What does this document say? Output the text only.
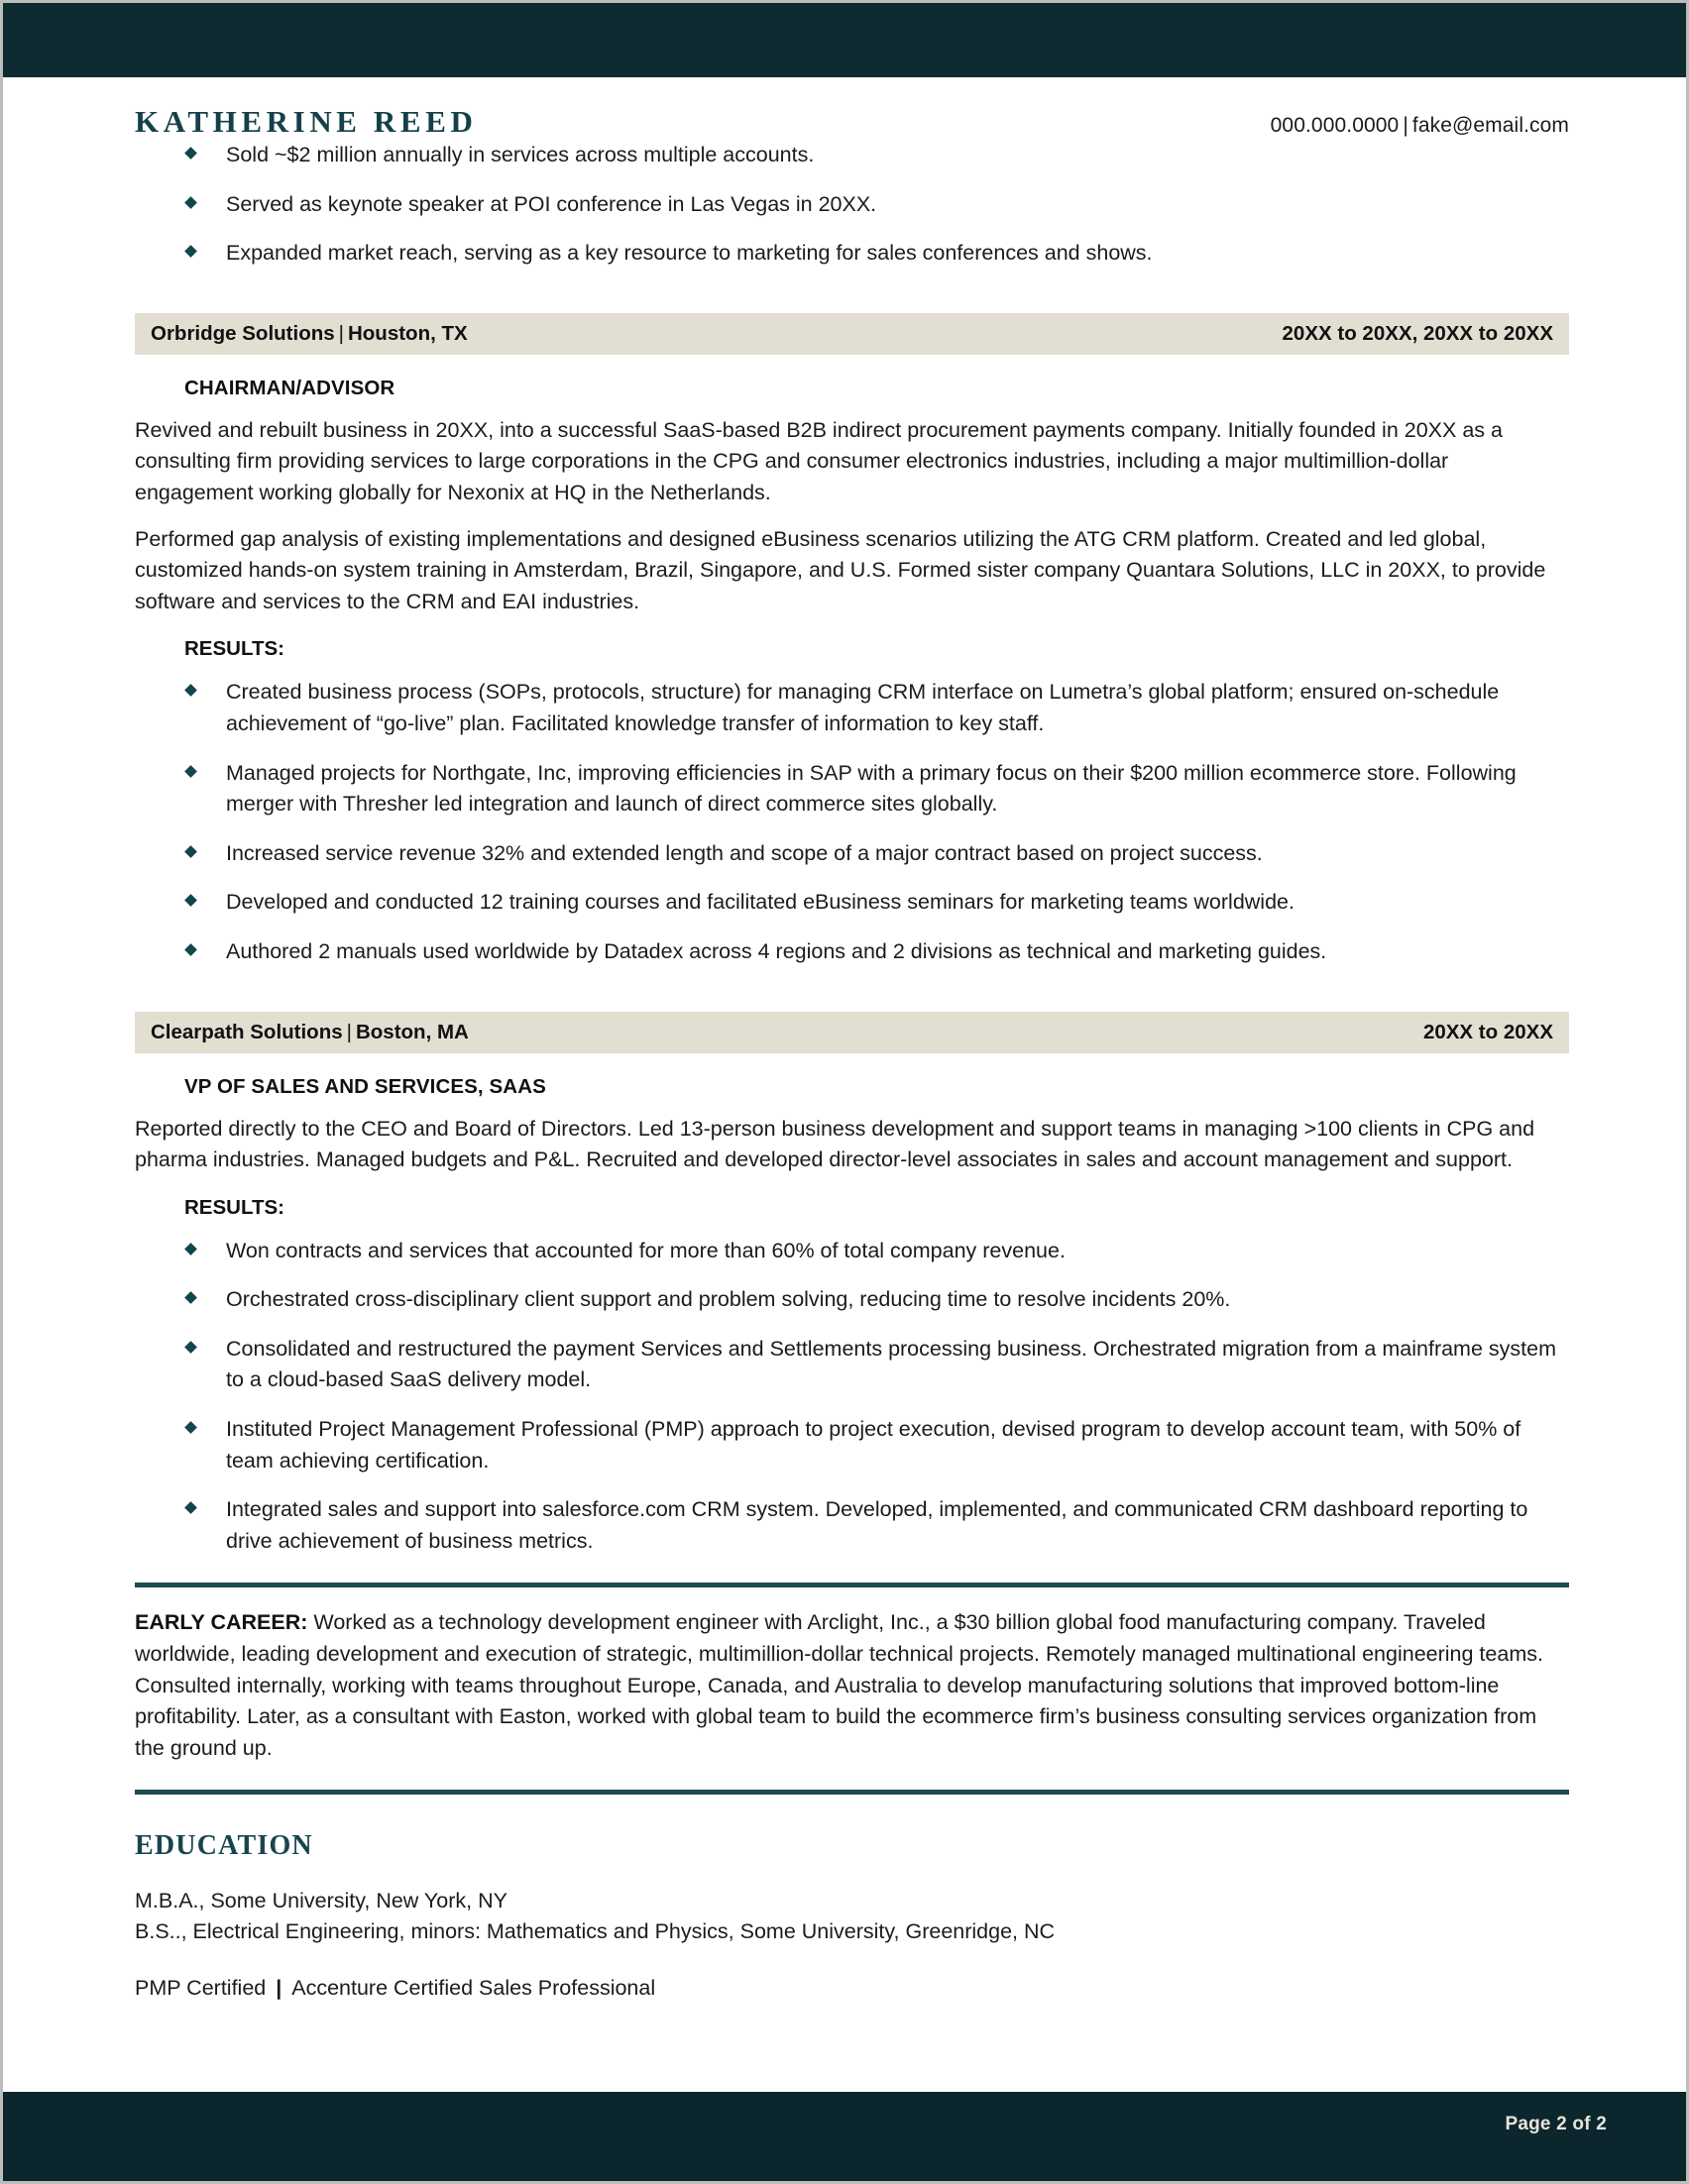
KATHERINE REED	000.000.0000 | fake@email.com
Sold ~$2 million annually in services across multiple accounts.
Served as keynote speaker at POI conference in Las Vegas in 20XX.
Expanded market reach, serving as a key resource to marketing for sales conferences and shows.
Orbridge Solutions | Houston, TX	20XX to 20XX, 20XX to 20XX
CHAIRMAN/ADVISOR
Revived and rebuilt business in 20XX, into a successful SaaS-based B2B indirect procurement payments company. Initially founded in 20XX as a consulting firm providing services to large corporations in the CPG and consumer electronics industries, including a major multimillion-dollar engagement working globally for Nexonix at HQ in the Netherlands.
Performed gap analysis of existing implementations and designed eBusiness scenarios utilizing the ATG CRM platform. Created and led global, customized hands-on system training in Amsterdam, Brazil, Singapore, and U.S. Formed sister company Quantara Solutions, LLC in 20XX, to provide software and services to the CRM and EAI industries.
RESULTS:
Created business process (SOPs, protocols, structure) for managing CRM interface on Lumetra’s global platform; ensured on-schedule achievement of “go-live” plan. Facilitated knowledge transfer of information to key staff.
Managed projects for Northgate, Inc, improving efficiencies in SAP with a primary focus on their $200 million ecommerce store. Following merger with Thresher led integration and launch of direct commerce sites globally.
Increased service revenue 32% and extended length and scope of a major contract based on project success.
Developed and conducted 12 training courses and facilitated eBusiness seminars for marketing teams worldwide.
Authored 2 manuals used worldwide by Datadex across 4 regions and 2 divisions as technical and marketing guides.
Clearpath Solutions | Boston, MA	20XX to 20XX
VP OF SALES AND SERVICES, SAAS
Reported directly to the CEO and Board of Directors. Led 13-person business development and support teams in managing >100 clients in CPG and pharma industries. Managed budgets and P&L. Recruited and developed director-level associates in sales and account management and support.
RESULTS:
Won contracts and services that accounted for more than 60% of total company revenue.
Orchestrated cross-disciplinary client support and problem solving, reducing time to resolve incidents 20%.
Consolidated and restructured the payment Services and Settlements processing business. Orchestrated migration from a mainframe system to a cloud-based SaaS delivery model.
Instituted Project Management Professional (PMP) approach to project execution, devised program to develop account team, with 50% of team achieving certification.
Integrated sales and support into salesforce.com CRM system. Developed, implemented, and communicated CRM dashboard reporting to drive achievement of business metrics.
EARLY CAREER: Worked as a technology development engineer with Arclight, Inc., a $30 billion global food manufacturing company. Traveled worldwide, leading development and execution of strategic, multimillion-dollar technical projects. Remotely managed multinational engineering teams. Consulted internally, working with teams throughout Europe, Canada, and Australia to develop manufacturing solutions that improved bottom-line profitability. Later, as a consultant with Easton, worked with global team to build the ecommerce firm’s business consulting services organization from the ground up.
EDUCATION
M.B.A., Some University, New York, NY
B.S.., Electrical Engineering, minors: Mathematics and Physics, Some University, Greenridge, NC
PMP Certified | Accenture Certified Sales Professional
Page 2 of 2
